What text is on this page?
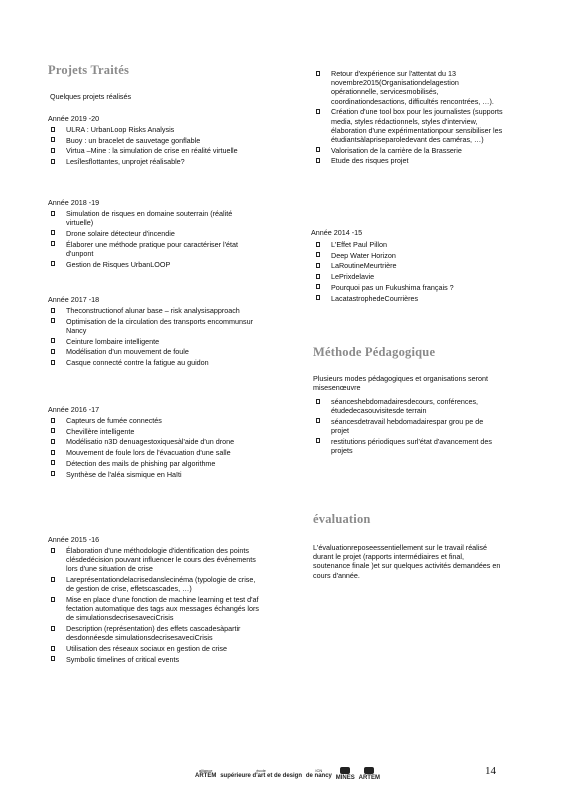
Projets Traités
Quelques projets réalisés
Année 2019 -20
ULRA : UrbanLoop Risks Analysis
Buoy : un bracelet de sauvetage gonflable
Virtua –Mine : la simulation de crise en réalité virtuelle
Lesîlesflottantes, unprojet réalisable?
Année 2018 -19
Simulation de risques en domaine souterrain (réalité virtuelle)
Drone solaire détecteur d'incendie
Élaborer une méthode pratique pour caractériser l'état d'unpont
Gestion de Risques UrbanLOOP
Année 2017 -18
Theconstructionof alunar base – risk analysisapproach
Optimisation de la circulation des transports encommunsur Nancy
Ceinture lombaire intelligente
Modélisation d'un mouvement de foule
Casque connecté contre la fatigue au guidon
Année 2016 -17
Capteurs de fumée connectés
Chevillère intelligente
Modélisatio n3D denuagestoxiquesàl'aide d'un drone
Mouvement de foule lors de l'évacuation d'une salle
Détection des mails de phishing par algorithme
Synthèse de l'aléa sismique en Haïti
Année 2015 -16
Élaboration d'une méthodologie d'identification des points clésdedécision pouvant influencer le cours des événements lors d'une situation de crise
Lareprésentationdelacrisedanslecinéma (typologie de crise, de gestion de crise, effetscascades, …)
Mise en place d'une fonction de machine learning et test d'af fectation automatique des tags aux messages échangés lors de simulationsdecrisesaveciCrisis
Description (représentation) des effets cascadesàpartir desdonnéesde simulationsdecrisesaveciCrisis
Utilisation des réseaux sociaux en gestion de crise
Symbolic timelines of critical events
Retour d'expérience sur l'attentat du 13 novembre2015(Organisationdelagestion opérationnelle, servicesmobilisés, coordinationdesactions, difficultés rencontrées, …).
Création d'une tool box pour les journalistes (supports media, styles rédactionnels, styles d'interview, élaboration d'une expérimentationpour sensibiliser les étudiantsàlapriseparoledevant des caméras, …)
Valorisation de la carrière de la Brasserie
Etude des risques projet
Année 2014 -15
L'Effet Paul Pillon
Deep Water Horizon
LaRoutineMeurtrière
LePrixdelavie
Pourquoi pas un Fukushima français ?
LacatastrophedeCourrières
Méthode Pédagogique
Plusieurs modes pédagogiques et organisations seront misesenœuvre
séanceshebdomadairesdecours, conférences, étudedecasouvisitesde terrain
séancesdetravail hebdomadairespar grou pe de projet
restitutions périodiques surl'état d'avancement des projets
évaluation
L'évaluationreposeessentiellement sur le travail réalisé durant le projet (rapports intermédiaires et final, soutenance finale )et sur quelques activités demandées en cours d'année.
alliance
ARTEM
école
supérieure d'art et de design
ICN
de nancy MINES ARTEM
14
